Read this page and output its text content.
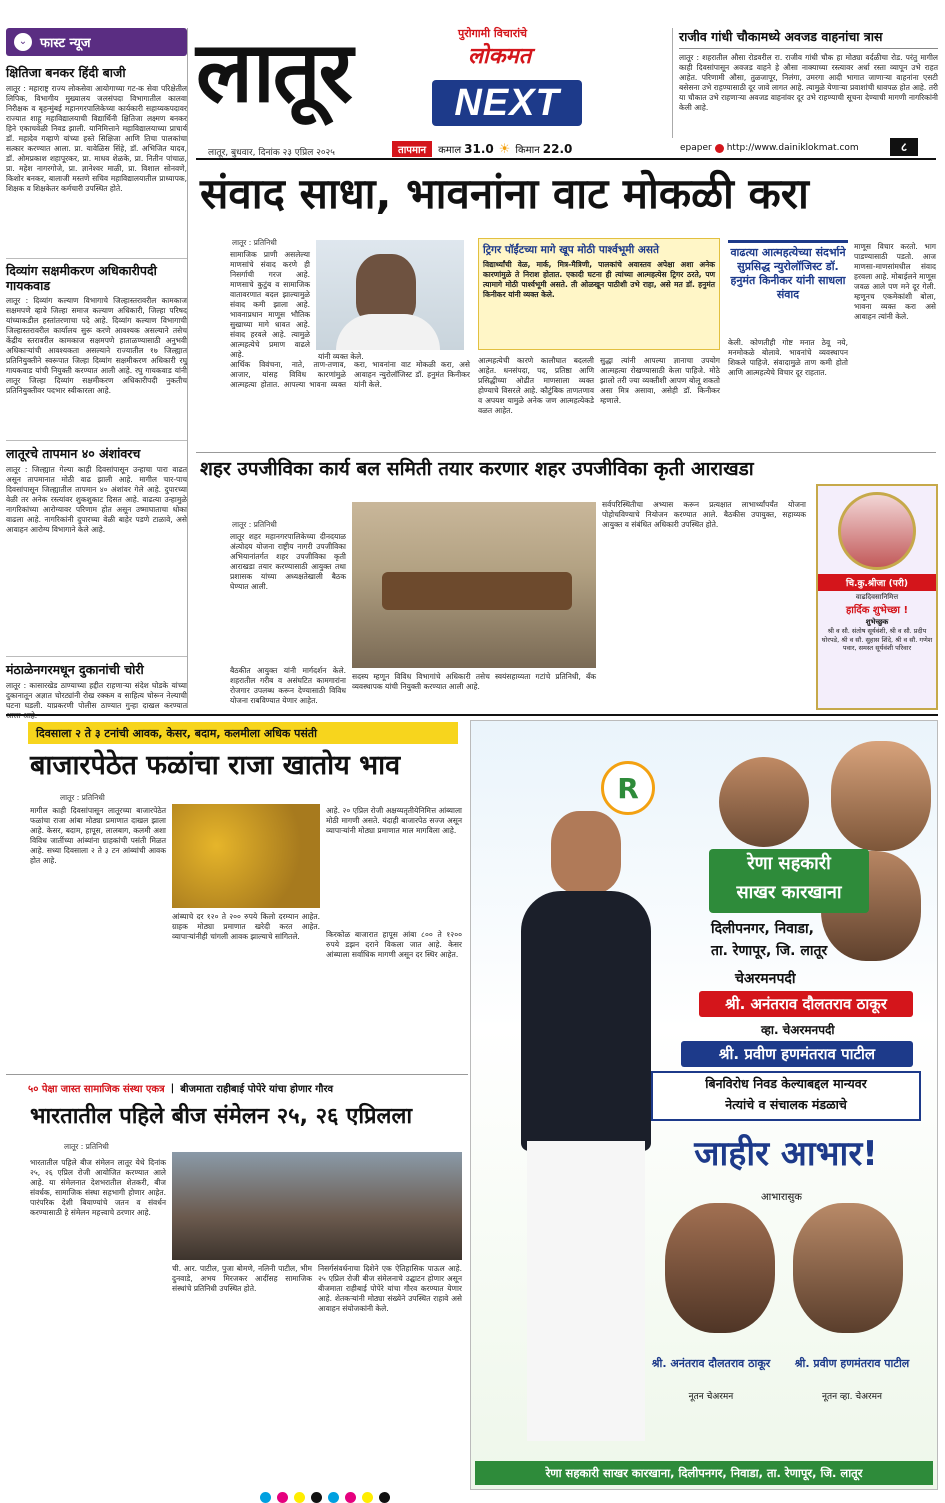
⌄ फास्ट न्यूज
क्षितिजा बनकर हिंदी बाजी
लातूर : महाराष्ट्र राज्य लोकसेवा आयोगाच्या गट-क सेवा परिक्षेतील लिपिक, विभागीय मुख्यालय जलसंपदा विभागातील कालवा निरीक्षक व बृहन्मुंबई महानगरपालिकेच्या कार्यकारी सहाय्यकपदावर राज्यात शाहू महाविद्यालयाची विद्यार्थिनी क्षितिजा लक्ष्मण बनकर हिने एकाचवेळी निवड झाली. यानिमित्ताने महाविद्यालयाच्या प्राचार्य डॉ. महादेव गव्हाणे यांच्या हस्ते सिक्षिजा आणि तिचा पालकांचा सत्कार करण्यात आला. प्रा. यावेळिस सिंहे, डॉ. अभिजित यादव, डॉ. ओमप्रकाश शहापूरकर, प्रा. माधव शेळके, प्रा. नितीन पांचाळ, प्रा. महेश नागरगोजे, प्रा. ज्ञानेश्वर माळी, प्रा. विशाल सोनवणे, किशोर बनकर, बालाजी मस्तणे सचिव महाविद्यालयातील प्राध्यापक, शिक्षक व शिक्षकेतर कर्मचारी उपस्थित होते.
दिव्यांग सक्षमीकरण अधिकारीपदी गायकवाड
लातूर : दिव्यांग कल्याण विभागाचे जिल्हास्तरावरील कामकाज सक्षमपणे व्हावे जिल्हा समाज कल्याण अधिकारी, जिल्हा परिषद यांच्याकडील हस्तांतरणाचा पदे आहे. दिव्यांग कल्याण विभागाची जिल्हास्तरावरील कार्यालय सुरू करणे आवश्यक असल्याने तसेच केंद्रीय स्तरावरील कामकाज सक्षमपणे हाताळण्यासाठी अनुभवी अधिकाऱ्यांची आवश्यकता असल्याने राज्यातील १७ जिल्ह्यात प्रतिनियुक्तीने स्वरूपात जिल्हा दिव्यांग सक्षमीकरण अधिकारी रघु गायकवाड यांची नियुक्ती करण्यात आली आहे. रघु गायकवाड यांनी लातूर जिल्हा दिव्यांग सक्षमीकरण अधिकारीपदी नुकतीच प्रतिनियुक्तीवर पदभार स्वीकारला आहे.
लातूरचे तापमान ४० अंशांवरच
लातूर : जिल्ह्यात गेल्या काही दिवसांपासून उन्हाचा पारा वाढत असून तापमानात मोठी वाढ झाली आहे. मागील चार-पाच दिवसांपासून जिल्ह्यातील तापमान ४० अंशांवर गेले आहे. दुपारच्या वेळी तर अनेक रस्त्यांवर शुकशुकाट दिसत आहे. वाढत्या उन्हामुळे नागरिकांच्या आरोग्यावर परिणाम होत असून उष्माघाताचा धोका वाढला आहे. नागरिकांनी दुपारच्या वेळी बाहेर पडणे टाळावे, असे आवाहन आरोग्य विभागाने केले आहे.
मंठाळेनगरमधून दुकानांची चोरी
लातूर : कासारखेड ठाण्याच्या हद्दीत राहणाऱ्या संदेश घोडके यांच्या दुकानातून अज्ञात चोरट्यांनी रोख रक्कम व साहित्य चोरून नेल्याची घटना घडली. याप्रकरणी पोलीस ठाण्यात गुन्हा दाखल करण्यात
लातूर	पुरोगामी विचारांचे
लोकमत
NEXT
लातूर, बुधवार, दिनांक २३ एप्रिल २०२५	तापमान	कमाल 31.0 ☀ किमान 22.0	epaper http://www.dainiklokmat.com	८
राजीव गांधी चौकामध्ये अवजड वाहनांचा त्रास
लातूर : शहरातील औसा रोडवरील रा. राजीव गांधी चौक हा मोठ्या वर्दळीचा रोड. परंतु मागील काही दिवसांपासून अवजड वाहने हे औसा नाक्याच्या रस्त्यावर अर्धा रस्ता व्यापून उभे राहत आहेत. परिणामी औसा, तुळजापूर, निलंगा, उमरगा आदी भागात जाणाऱ्या वाहनांना एसटी बसेसना उभे राहण्यासाठी दूर जावे लागत आहे. त्यामुळे येणाऱ्या प्रवाशांची धावपळ होत आहे. तरी या चौकात उभे राहणाऱ्या अवजड वाहनांवर दूर उभे राहण्याची सूचना देण्याची मागणी नागरिकांनी केली आहे.
संवाद साधा, भावनांना वाट मोकळी करा
लातूर : प्रतिनिधी
सामाजिक प्राणी असलेल्या माणसांचे संवाद करणे ही निसर्गाची गरज आहे. माणसाचे कुटुंब व सामाजिक वातावरणात बदल झाल्यामुळे संवाद कमी झाला आहे. भावनाप्रधान माणूस भौतिक सुखाच्या मागे धावत आहे. संवाद हरवले आहे. त्यामुळे आत्महत्येचे प्रमाण वाढले आहे.	यांनी व्यक्त केले.
आर्थिक विवंचना, नाते, ताण-तणाव, आजार, यांसह विविध कारणांमुळे आत्महत्या होतात. आपल्या भावना व्यक्त करा, भावनांना वाट मोकळी करा, असे आवाहन न्युरोलॉजिस्ट डॉ. हनुमंत किनीकर यांनी केले.
ट्रिगर पॉईंटच्या मागे खूप मोठी पार्श्वभूमी असते
विद्यार्थ्यांची वेळ, मार्क, मित्र-मैत्रिणी, पालकांचे अवास्तव अपेक्षा अशा अनेक कारणांमुळे ते निराश होतात. एकादी घटना ही त्यांच्या आत्महत्येस ट्रिगर ठरते, पण त्यामागे मोठी पार्श्वभूमी असते. ती ओळखून पाठीशी उभे राहा, असे मत डॉ. हनुमंत किनीकर यांनी व्यक्त केले.
आत्महत्येची कारणे कालौघात बदलली आहेत. धनसंपदा, पद, प्रतिष्ठा आणि प्रसिद्धीच्या ओढीत माणसाला व्यक्त होण्याचे विसरले आहे. कौटुंबिक ताणतणाव व अपयश यामुळे अनेक जण आत्महत्येकडे वळत आहेत.
सुद्धा त्यांनी आपल्या ज्ञानाचा उपयोग आत्महत्या रोखण्यासाठी केला पाहिजे. मोठे झालो तरी ज्या व्यक्तीशी आपण बोलू शकतो असा मित्र असावा, असेही डॉ. किनीकर म्हणाले.
वाढत्या आत्महत्येच्या संदर्भाने सुप्रसिद्ध न्युरोलॉजिस्ट डॉ. हनुमंत किनीकर यांनी साधला संवाद
केली. कोणतीही गोष्ट मनात ठेवू नये, मनमोकळे बोलावे. भावनांचे व्यवस्थापन शिकले पाहिजे. संवादामुळे ताण कमी होतो आणि आत्महत्येचे विचार दूर राहतात.
माणूस विचार करतो. भाग पाडण्यासाठी पडतो. आज माणसा-माणसांमधील संवाद हरवला आहे. मोबाईलने माणूस जवळ आले पण मने दूर गेली. म्हणूनच एकमेकांशी बोला, भावना व्यक्त करा असे आवाहन त्यांनी केले.
शहर उपजीविका कार्य बल समिती तयार करणार शहर उपजीविका कृती आराखडा
लातूर : प्रतिनिधी
लातूर शहर महानगरपालिकेच्या दीनदयाळ अंत्योदय योजना राष्ट्रीय नागरी उपजीविका अभियानांतर्गत शहर उपजीविका कृती आराखडा तयार करण्यासाठी आयुक्त तथा प्रशासक यांच्या अध्यक्षतेखाली बैठक घेण्यात आली.
बैठकीत आयुक्त यांनी मार्गदर्शन केले. शहरातील गरीब व असंघटित कामगारांना रोजगार उपलब्ध करून देण्यासाठी विविध योजना राबविण्यात येणार आहेत.
सदस्य म्हणून विविध विभागांचे अधिकारी तसेच स्वयंसहाय्यता गटांचे प्रतिनिधी, बँक व्यवस्थापक यांची नियुक्ती करण्यात आली आहे.
सर्वपरिस्थितीचा अभ्यास करून प्रत्यक्षात लाभार्थ्यांपर्यंत योजना पोहोचविण्याचे नियोजन करण्यात आले. बैठकीस उपायुक्त, सहाय्यक आयुक्त व संबंधित अधिकारी उपस्थित होते.
चि.कु.श्रीजा (परी)
वाढदिवसानिमित्त
हार्दिक शुभेच्छा !
शुभेच्छुक
श्री व सौ. संतोष सूर्यवंशी, श्री व सौ. प्रदीप घोरपडे, श्री व सौ. सुहास शिंदे, श्री व सौ. गणेश पवार, समस्त सूर्यवंशी परिवार
दिवसाला २ ते ३ टनांची आवक, केसर, बदाम, कलमीला अधिक पसंती
बाजारपेठेत फळांचा राजा खातोय भाव
लातूर : प्रतिनिधी
मागील काही दिवसांपासून लातूरच्या बाजारपेठेत फळांचा राजा आंबा मोठ्या प्रमाणात दाखल झाला आहे. केसर, बदाम, हापूस, लालबाग, कलमी अशा विविध जातींच्या आंब्यांना ग्राहकांची पसंती मिळत आहे. सध्या दिवसाला २ ते ३ टन आंब्यांची आवक होत आहे.
आंब्याचे दर १२० ते २०० रुपये किलो दरम्यान आहेत. ग्राहक मोठ्या प्रमाणात खरेदी करत आहेत. व्यापाऱ्यांनीही चांगली आवक झाल्याचे सांगितले.
आहे. २० एप्रिल रोजी अक्षय्यतृतीयेनिमित्त आंब्याला मोठी मागणी असते. यंदाही बाजारपेठ सज्ज असून व्यापाऱ्यांनी मोठ्या प्रमाणात माल मागविला आहे.
किरकोळ बाजारात हापूस आंबा ८०० ते १२०० रुपये डझन दराने विकला जात आहे. केसर आंब्याला सर्वाधिक मागणी असून दर स्थिर आहेत.
५० पेक्षा जास्त सामाजिक संस्था एकत्र | बीजमाता राहीबाई पोपेरे यांचा होणार गौरव
भारतातील पहिले बीज संमेलन २५, २६ एप्रिलला
लातूर : प्रतिनिधी
भारतातील पहिले बीज संमेलन लातूर येथे दिनांक २५, २६ एप्रिल रोजी आयोजित करण्यात आले आहे. या संमेलनात देशभरातील शेतकरी, बीज संवर्धक, सामाजिक संस्था सहभागी होणार आहेत. पारंपरिक देशी बियाण्यांचे जतन व संवर्धन करण्यासाठी हे संमेलन महत्त्वाचे ठरणार आहे.
ची. आर. पाटील, पुजा बोमणे, नलिनी पाटील, भीम दुनवाडे, अभय मिरजकर आदींसह सामाजिक संस्थांचे प्रतिनिधी उपस्थित होते.
निसर्गसंवर्धनाचा दिशेने एक ऐतिहासिक पाऊल आहे. २५ एप्रिल रोजी बीज संमेलनाचे उद्घाटन होणार असून बीजमाता राहीबाई पोपेरे यांचा गौरव करण्यात येणार आहे. शेतकऱ्यांनी मोठ्या संख्येने उपस्थित राहावे असे आवाहन संयोजकांनी केले.
R
रेणा सहकारी
साखर कारखाना
दिलीपनगर, निवाडा,
ता. रेणापूर, जि. लातूर
चेअरमनपदी
श्री. अनंतराव दौलतराव ठाकूर
व्हा. चेअरमनपदी
श्री. प्रवीण हणमंतराव पाटील
बिनविरोध निवड केल्याबद्दल मान्यवर
नेत्यांचे व संचालक मंडळाचे
जाहीर आभार!
आभारासुक
श्री. अनंतराव दौलतराव ठाकूर
नूतन चेअरमन
श्री. प्रवीण हणमंतराव पाटील
नूतन व्हा. चेअरमन
रेणा सहकारी साखर कारखाना, दिलीपनगर, निवाडा, ता. रेणापूर, जि. लातूर
